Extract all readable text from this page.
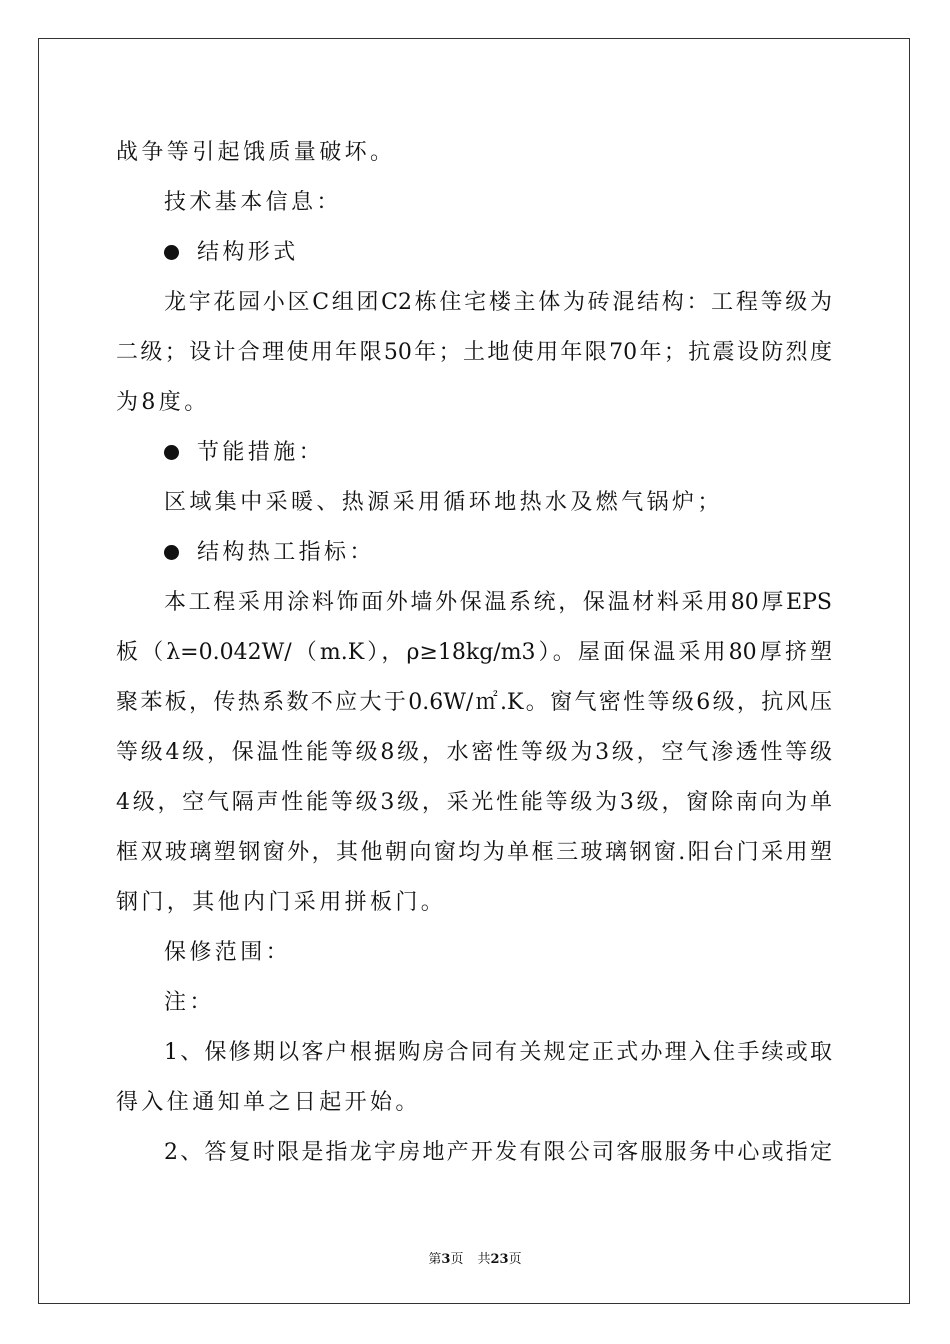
战争等引起饿质量破坏。
技术基本信息：
结构形式
龙宇花园小区C组团C2栋住宅楼主体为砖混结构：工程等级为
二级；设计合理使用年限50年；土地使用年限70年；抗震设防烈度
为8度。
节能措施：
区域集中采暖、热源采用循环地热水及燃气锅炉；
结构热工指标：
本工程采用涂料饰面外墙外保温系统，保温材料采用80厚EPS
板（λ=0.042W/（m.K），ρ≥18kg/m3）。屋面保温采用80厚挤塑
聚苯板，传热系数不应大于0.6W/㎡.K。窗气密性等级6级，抗风压
等级4级，保温性能等级8级，水密性等级为3级，空气渗透性等级
4级，空气隔声性能等级3级，采光性能等级为3级，窗除南向为单
框双玻璃塑钢窗外，其他朝向窗均为单框三玻璃钢窗.阳台门采用塑
钢门，其他内门采用拼板门。
保修范围：
注：
1、保修期以客户根据购房合同有关规定正式办理入住手续或取
得入住通知单之日起开始。
2、答复时限是指龙宇房地产开发有限公司客服服务中心或指定
第3页 共23页
